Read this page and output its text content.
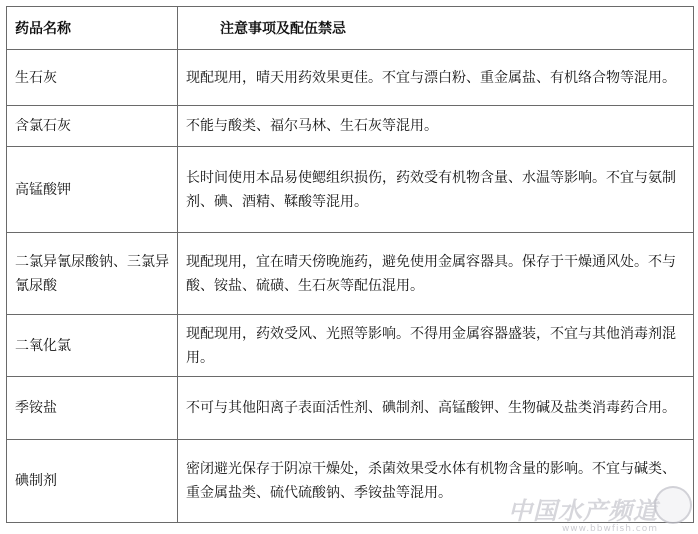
药品名称	注意事项及配伍禁忌
生石灰	现配现用，晴天用药效果更佳。不宜与漂白粉、重金属盐、有机络合物等混用。
含氯石灰	不能与酸类、福尔马林、生石灰等混用。
高锰酸钾	长时间使用本品易使鳃组织损伤，药效受有机物含量、水温等影响。不宜与氨制剂、碘、酒精、鞣酸等混用。
二氯异氰尿酸钠、三氯异氰尿酸	现配现用，宜在晴天傍晚施药，避免使用金属容器具。保存于干燥通风处。不与酸、铵盐、硫磺、生石灰等配伍混用。
二氧化氯	现配现用，药效受风、光照等影响。不得用金属容器盛装，不宜与其他消毒剂混用。
季铵盐	不可与其他阳离子表面活性剂、碘制剂、高锰酸钾、生物碱及盐类消毒药合用。
碘制剂	密闭避光保存于阴凉干燥处，杀菌效果受水体有机物含量的影响。不宜与碱类、重金属盐类、硫代硫酸钠、季铵盐等混用。
中国水产频道
www.bbwfish.com
